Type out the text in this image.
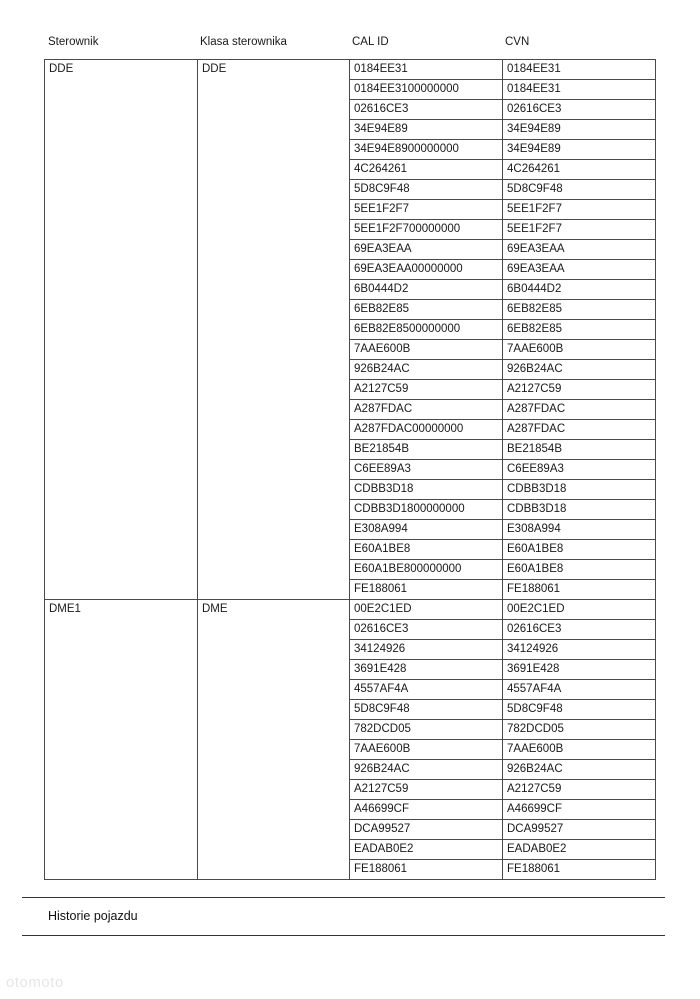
Sterownik	Klasa sterownika	CAL ID	CVN
DDE	DDE	0184EE31	0184EE31
		0184EE3100000000	0184EE31
		02616CE3	02616CE3
		34E94E89	34E94E89
		34E94E8900000000	34E94E89
		4C264261	4C264261
		5D8C9F48	5D8C9F48
		5EE1F2F7	5EE1F2F7
		5EE1F2F700000000	5EE1F2F7
		69EA3EAA	69EA3EAA
		69EA3EAA00000000	69EA3EAA
		6B0444D2	6B0444D2
		6EB82E85	6EB82E85
		6EB82E8500000000	6EB82E85
		7AAE600B	7AAE600B
		926B24AC	926B24AC
		A2127C59	A2127C59
		A287FDAC	A287FDAC
		A287FDAC00000000	A287FDAC
		BE21854B	BE21854B
		C6EE89A3	C6EE89A3
		CDBB3D18	CDBB3D18
		CDBB3D1800000000	CDBB3D18
		E308A994	E308A994
		E60A1BE8	E60A1BE8
		E60A1BE800000000	E60A1BE8
		FE188061	FE188061
DME1	DME	00E2C1ED	00E2C1ED
		02616CE3	02616CE3
		34124926	34124926
		3691E428	3691E428
		4557AF4A	4557AF4A
		5D8C9F48	5D8C9F48
		782DCD05	782DCD05
		7AAE600B	7AAE600B
		926B24AC	926B24AC
		A2127C59	A2127C59
		A46699CF	A46699CF
		DCA99527	DCA99527
		EADAB0E2	EADAB0E2
		FE188061	FE188061
Historie pojazdu
otomoto
